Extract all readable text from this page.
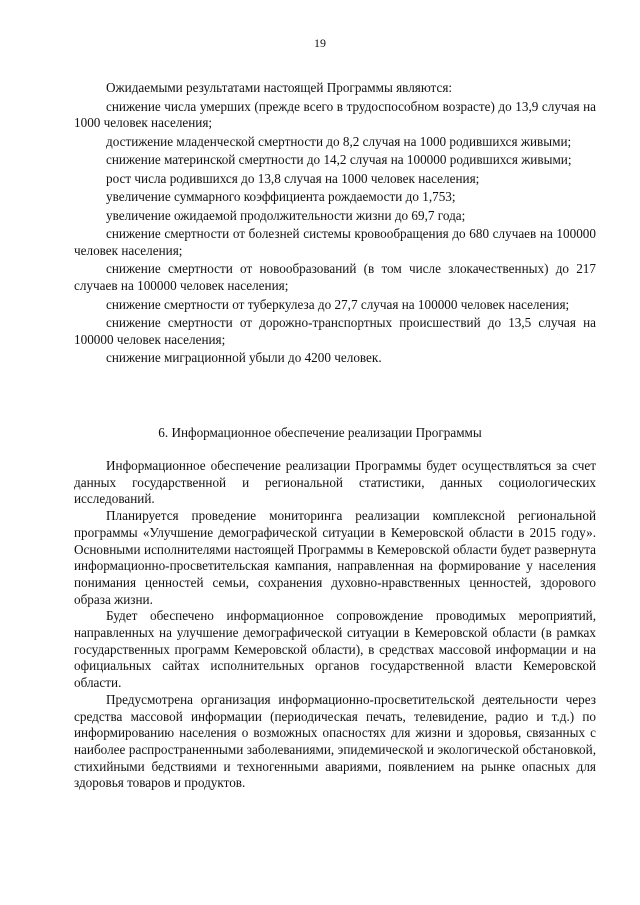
19

Ожидаемыми результатами настоящей Программы являются:

снижение числа умерших (прежде всего в трудоспособном возрасте) до 13,9 случая на 1000 человек населения;

достижение младенческой смертности до 8,2 случая на 1000 родившихся живыми;

снижение материнской смертности до 14,2 случая на 100000 родившихся живыми;

рост числа родившихся до 13,8 случая на 1000 человек населения;

увеличение суммарного коэффициента рождаемости до 1,753;

увеличение ожидаемой продолжительности жизни до 69,7 года;

снижение смертности от болезней системы кровообращения до 680 случаев на 100000 человек населения;

снижение смертности от новообразований (в том числе злокачественных) до 217 случаев на 100000 человек населения;

снижение смертности от туберкулеза до 27,7 случая на 100000 человек населения;

снижение смертности от дорожно-транспортных происшествий до 13,5 случая на 100000 человек населения;

снижение миграционной убыли до 4200 человек.

6. Информационное обеспечение реализации Программы

Информационное обеспечение реализации Программы будет осуществляться за счет данных государственной и региональной статистики, данных социологических исследований.

Планируется проведение мониторинга реализации комплексной региональной программы «Улучшение демографической ситуации в Кемеровской области в 2015 году». Основными исполнителями настоящей Программы в Кемеровской области будет развернута информационно-просветительская кампания, направленная на формирование у населения понимания ценностей семьи, сохранения духовно-нравственных ценностей, здорового образа жизни.

Будет обеспечено информационное сопровождение проводимых мероприятий, направленных на улучшение демографической ситуации в Кемеровской области (в рамках государственных программ Кемеровской области), в средствах массовой информации и на официальных сайтах исполнительных органов государственной власти Кемеровской области.

Предусмотрена организация информационно-просветительской деятельности через средства массовой информации (периодическая печать, телевидение, радио и т.д.) по информированию населения о возможных опасностях для жизни и здоровья, связанных с наиболее распространенными заболеваниями, эпидемической и экологической обстановкой, стихийными бедствиями и техногенными авариями, появлением на рынке опасных для здоровья товаров и продуктов.
